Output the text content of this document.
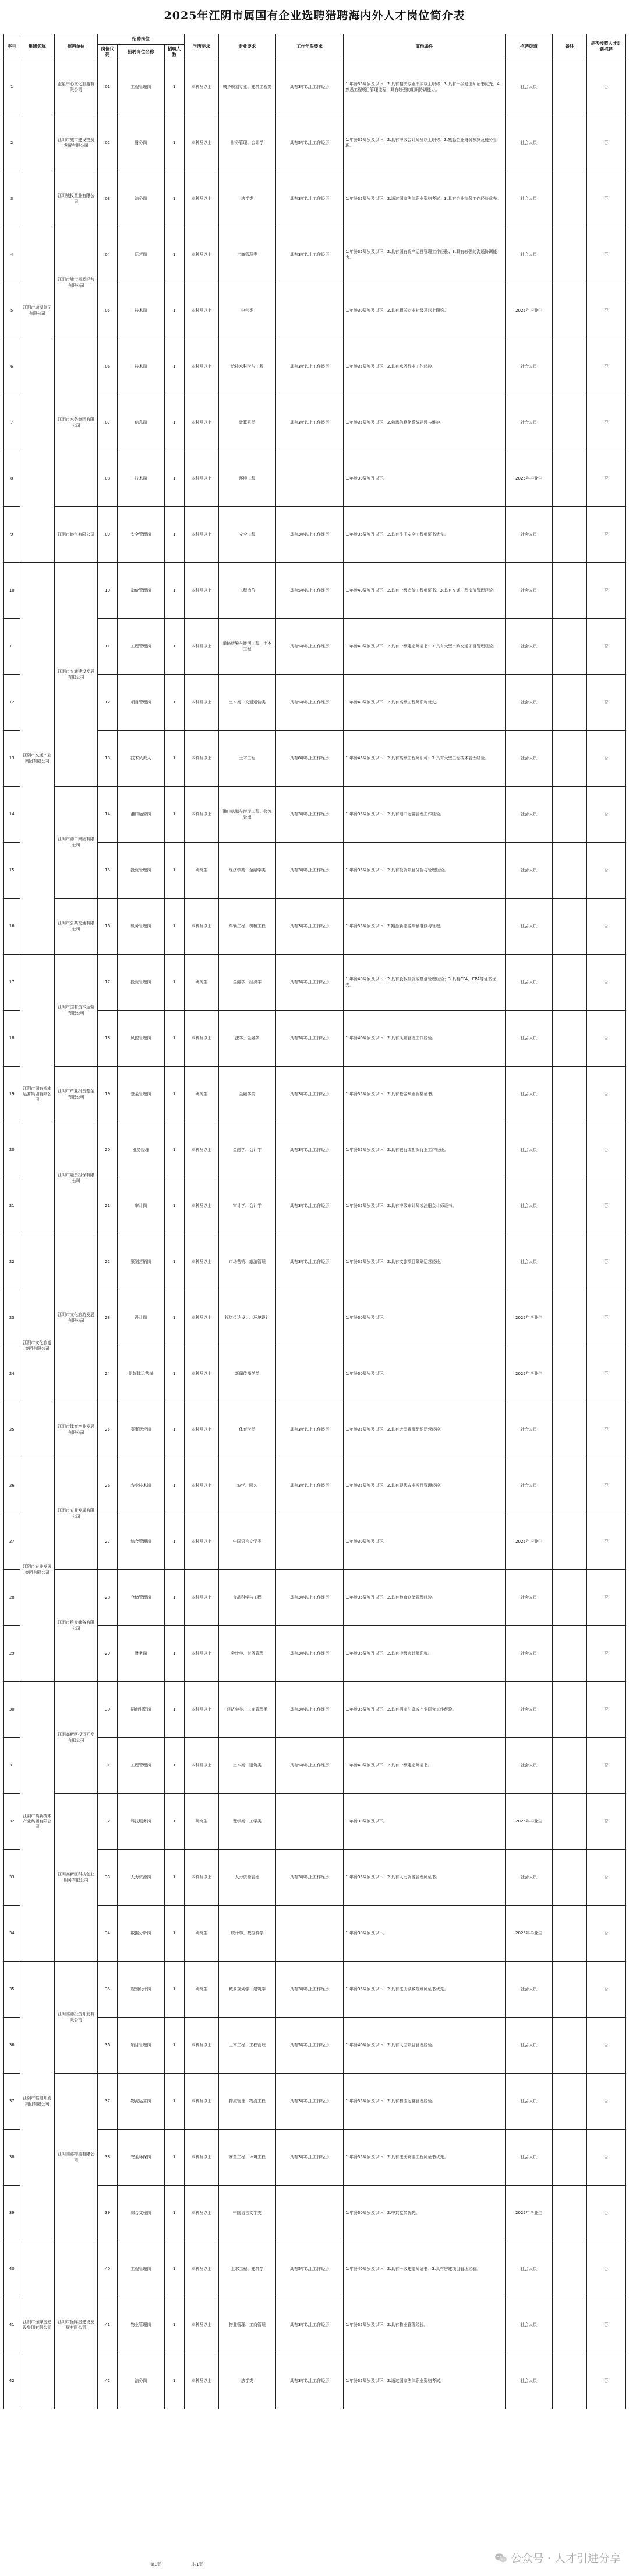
2025年江阴市属国有企业选聘猎聘海内外人才岗位简介表
序号	集团名称	招聘单位	招聘岗位			学历要求	专业要求	工作年限要求	其他条件	招聘渠道	备注	是否按照人才计划招聘
			岗位代码	招聘岗位名称	招聘人数							
1	江阴市城投集团有限公司	澄星中心文化旅游有限公司	01	工程管理岗	1	本科及以上	城乡规划专业、建筑工程类	具有3年以上工作经历	1.年龄35周岁及以下；2.具有相关专业中级以上职称；3.具有一级建造师证书优先；4.熟悉工程项目管理流程，具有较强的组织协调能力。	社会人员		否
2		江阴市城市建设投资发展有限公司	02	财务岗	1	本科及以上	财务管理、会计学	具有5年以上工作经历	1.年龄35周岁及以下；2.具有中级会计师及以上职称；3.熟悉企业财务核算及税务管理。	社会人员		否
3		江阴城投置业有限公司	03	法务岗	1	本科及以上	法学类	具有3年以上工作经历	1.年龄35周岁及以下；2.通过国家法律职业资格考试；3.具有企业法务工作经验优先。	社会人员		否
4		江阴市城市资源经营有限公司	04	运营岗	1	本科及以上	工商管理类	具有3年以上工作经历	1.年龄35周岁及以下；2.具有国有资产运营管理工作经验；3.具有较强的沟通协调能力。	社会人员		否
5			05	技术岗	1	本科及以上	电气类		1.年龄30周岁及以下；2.具有相关专业初级及以上职称。	2025年毕业生		否
6		江阴市水务集团有限公司	06	技术岗	1	本科及以上	给排水科学与工程	具有3年以上工作经历	1.年龄35周岁及以下；2.具有水务行业工作经验。	社会人员		否
7			07	信息岗	1	本科及以上	计算机类	具有3年以上工作经历	1.年龄35周岁及以下；2.熟悉信息化系统建设与维护。	社会人员		否
8			08	技术岗	1	本科及以上	环境工程		1.年龄30周岁及以下。	2025年毕业生		否
9		江阴市燃气有限公司	09	安全管理岗	1	本科及以上	安全工程	具有3年以上工作经历	1.年龄35周岁及以下；2.具有注册安全工程师证书优先。	社会人员		否
10	江阴市交通产业集团有限公司	江阴市交通建设发展有限公司	10	造价管理岗	1	本科及以上	工程造价	具有5年以上工作经历	1.年龄40周岁及以下；2.具有一级造价工程师证书；3.具有交通工程造价管理经验。	社会人员		否
11			11	工程管理岗	1	本科及以上	道路桥梁与渡河工程、土木工程	具有5年以上工作经历	1.年龄40周岁及以下；2.具有一级建造师证书；3.具有大型市政交通项目管理经验。	社会人员		否
12			12	项目管理岗	1	本科及以上	土木类、交通运输类	具有5年以上工作经历	1.年龄40周岁及以下；2.具有高级工程师职称优先。	社会人员		否
13			13	技术负责人	1	本科及以上	土木工程	具有8年以上工作经历	1.年龄45周岁及以下；2.具有高级工程师职称；3.具有大型工程技术管理经验。	社会人员		否
14		江阴市港口集团有限公司	14	港口运营岗	1	本科及以上	港口航道与海岸工程、物流管理	具有3年以上工作经历	1.年龄35周岁及以下；2.具有港口运营管理工作经验。	社会人员		否
15			15	投资管理岗	1	研究生	经济学类、金融学类	具有3年以上工作经历	1.年龄35周岁及以下；2.具有投资项目分析与管理经验。	社会人员		否
16		江阴市公共交通有限公司	16	机务管理岗	1	本科及以上	车辆工程、机械工程	具有3年以上工作经历	1.年龄35周岁及以下；2.熟悉新能源车辆维修与管理。	社会人员		否
17	江阴市国有资本运营集团有限公司	江阴市国有资本运营有限公司	17	投资管理岗	1	研究生	金融学、经济学	具有5年以上工作经历	1.年龄40周岁及以下；2.具有股权投资或基金管理经验；3.具有CFA、CPA等证书优先。	社会人员		否
18			18	风控管理岗	1	本科及以上	法学、金融学	具有5年以上工作经历	1.年龄40周岁及以下；2.具有风险管理工作经验。	社会人员		否
19		江阴市产业投资基金有限公司	19	基金管理岗	1	研究生	金融学类	具有3年以上工作经历	1.年龄35周岁及以下；2.具有基金从业资格证书。	社会人员		否
20		江阴市融资担保有限公司	20	业务经理	1	本科及以上	金融学、会计学	具有3年以上工作经历	1.年龄35周岁及以下；2.具有银行或担保行业工作经验。	社会人员		否
21			21	审计岗	1	本科及以上	审计学、会计学	具有3年以上工作经历	1.年龄35周岁及以下；2.具有中级审计师或注册会计师证书。	社会人员		否
22	江阴市文化旅游集团有限公司	江阴市文化旅游发展有限公司	22	策划营销岗	1	本科及以上	市场营销、旅游管理	具有3年以上工作经历	1.年龄35周岁及以下；2.具有文旅项目策划运营经验。	社会人员		否
23			23	设计岗	1	本科及以上	视觉传达设计、环境设计		1.年龄30周岁及以下。	2025年毕业生		否
24			24	新媒体运营岗	1	本科及以上	新闻传播学类		1.年龄30周岁及以下。	2025年毕业生		否
25		江阴市体育产业发展有限公司	25	赛事运营岗	1	本科及以上	体育学类	具有3年以上工作经历	1.年龄35周岁及以下；2.具有大型赛事组织运营经验。	社会人员		否
26	江阴市农业发展集团有限公司	江阴市农业发展有限公司	26	农业技术岗	1	本科及以上	农学、园艺	具有3年以上工作经历	1.年龄35周岁及以下；2.具有现代农业项目管理经验。	社会人员		否
27			27	综合管理岗	1	本科及以上	中国语言文学类		1.年龄30周岁及以下。	2025年毕业生		否
28		江阴市粮食储备有限公司	28	仓储管理岗	1	本科及以上	食品科学与工程	具有3年以上工作经历	1.年龄35周岁及以下；2.具有粮食仓储管理经验。	社会人员		否
29			29	财务岗	1	本科及以上	会计学、财务管理	具有3年以上工作经历	1.年龄35周岁及以下；2.具有中级会计师职称。	社会人员		否
30	江阴市高新技术产业集团有限公司	江阴高新区投资开发有限公司	30	招商引资岗	1	本科及以上	经济学类、工商管理类	具有3年以上工作经历	1.年龄35周岁及以下；2.具有招商引资或产业研究工作经验。	社会人员		否
31			31	工程管理岗	1	本科及以上	土木类、建筑类	具有5年以上工作经历	1.年龄40周岁及以下；2.具有一级建造师证书。	社会人员		否
32		江阴高新区科技创业服务有限公司	32	科技服务岗	1	研究生	理学类、工学类		1.年龄30周岁及以下。	2025年毕业生		否
33			33	人力资源岗	1	本科及以上	人力资源管理	具有3年以上工作经历	1.年龄35周岁及以下；2.具有人力资源管理师证书。	社会人员		否
34			34	数据分析岗	1	研究生	统计学、数据科学		1.年龄30周岁及以下。	2025年毕业生		否
35	江阴市临港开发集团有限公司	江阴临港投资开发有限公司	35	规划设计岗	1	研究生	城乡规划学、建筑学	具有3年以上工作经历	1.年龄35周岁及以下；2.具有注册城乡规划师证书优先。	社会人员		否
36			36	项目管理岗	1	本科及以上	土木工程、工程管理	具有5年以上工作经历	1.年龄40周岁及以下；2.具有大型项目管理经验。	社会人员		否
37		江阴临港物流有限公司	37	物流运营岗	1	本科及以上	物流管理、物流工程	具有3年以上工作经历	1.年龄35周岁及以下；2.具有物流运营管理经验。	社会人员		否
38			38	安全环保岗	1	本科及以上	安全工程、环境工程	具有3年以上工作经历	1.年龄35周岁及以下；2.具有注册安全工程师证书优先。	社会人员		否
39			39	综合文秘岗	1	本科及以上	中国语言文学类		1.年龄30周岁及以下；2.中共党员优先。	2025年毕业生		否
40	江阴市保障房建设集团有限公司	江阴市保障房建设发展有限公司	40	工程管理岗	1	本科及以上	土木工程、建筑学	具有5年以上工作经历	1.年龄40周岁及以下；2.具有一级建造师证书；3.具有房建项目管理经验。	社会人员		否
41			41	物业管理岗	1	本科及以上	物业管理、工商管理	具有3年以上工作经历	1.年龄35周岁及以下；2.具有物业管理经验。	社会人员		否
42			42	法务岗	1	本科及以上	法学类	具有3年以上工作经历	1.年龄35周岁及以下；2.通过国家法律职业资格考试。	社会人员		否
第1页	共1页	公众号 · 人才引进分享
